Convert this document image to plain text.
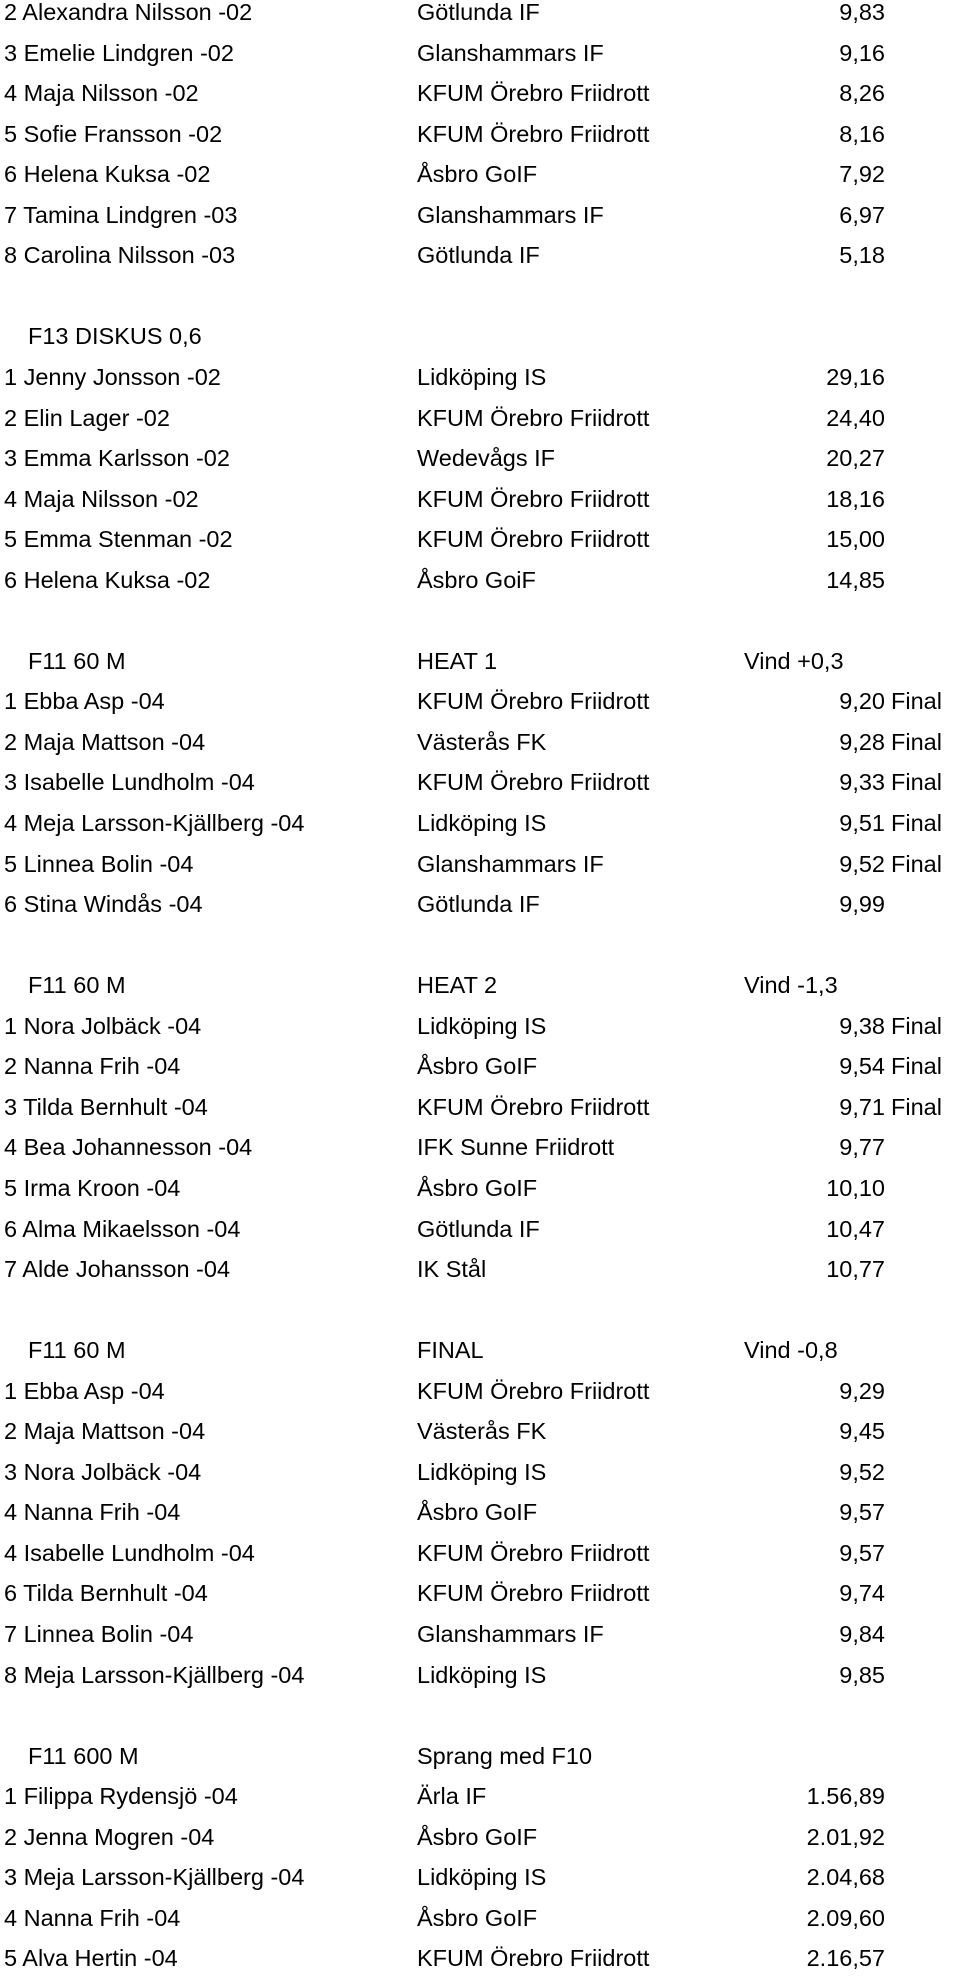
2 Alexandra Nilsson -02	Götlunda IF	9,83
3 Emelie Lindgren -02	Glanshammars IF	9,16
4 Maja Nilsson -02	KFUM Örebro Friidrott	8,26
5 Sofie Fransson -02	KFUM Örebro Friidrott	8,16
6 Helena Kuksa -02	Åsbro GoIF	7,92
7 Tamina Lindgren -03	Glanshammars IF	6,97
8 Carolina Nilsson -03	Götlunda IF	5,18
F13 DISKUS 0,6
1 Jenny Jonsson -02	Lidköping IS	29,16
2 Elin Lager -02	KFUM Örebro Friidrott	24,40
3 Emma Karlsson -02	Wedevågs IF	20,27
4 Maja Nilsson -02	KFUM Örebro Friidrott	18,16
5 Emma Stenman -02	KFUM Örebro Friidrott	15,00
6 Helena Kuksa -02	Åsbro GoiF	14,85
F11 60 M	HEAT 1	Vind +0,3
1 Ebba Asp -04	KFUM Örebro Friidrott	9,20 Final
2 Maja Mattson -04	Västerås FK	9,28 Final
3 Isabelle Lundholm -04	KFUM Örebro Friidrott	9,33 Final
4 Meja Larsson-Kjällberg -04	Lidköping IS	9,51 Final
5 Linnea Bolin -04	Glanshammars IF	9,52 Final
6 Stina Windås -04	Götlunda IF	9,99
F11 60 M	HEAT 2	Vind -1,3
1 Nora Jolbäck -04	Lidköping IS	9,38 Final
2 Nanna Frih -04	Åsbro GoIF	9,54 Final
3 Tilda Bernhult -04	KFUM Örebro Friidrott	9,71 Final
4 Bea Johannesson -04	IFK Sunne Friidrott	9,77
5 Irma Kroon -04	Åsbro GoIF	10,10
6 Alma Mikaelsson -04	Götlunda IF	10,47
7 Alde Johansson -04	IK Stål	10,77
F11 60 M	FINAL	Vind -0,8
1 Ebba Asp -04	KFUM Örebro Friidrott	9,29
2 Maja Mattson -04	Västerås FK	9,45
3 Nora Jolbäck -04	Lidköping IS	9,52
4 Nanna Frih -04	Åsbro GoIF	9,57
4 Isabelle Lundholm -04	KFUM Örebro Friidrott	9,57
6 Tilda Bernhult -04	KFUM Örebro Friidrott	9,74
7 Linnea Bolin -04	Glanshammars IF	9,84
8 Meja Larsson-Kjällberg -04	Lidköping IS	9,85
F11 600 M	Sprang med F10
1 Filippa Rydensjö -04	Ärla IF	1.56,89
2 Jenna Mogren -04	Åsbro GoIF	2.01,92
3 Meja Larsson-Kjällberg -04	Lidköping IS	2.04,68
4 Nanna Frih -04	Åsbro GoIF	2.09,60
5 Alva Hertin -04	KFUM Örebro Friidrott	2.16,57
